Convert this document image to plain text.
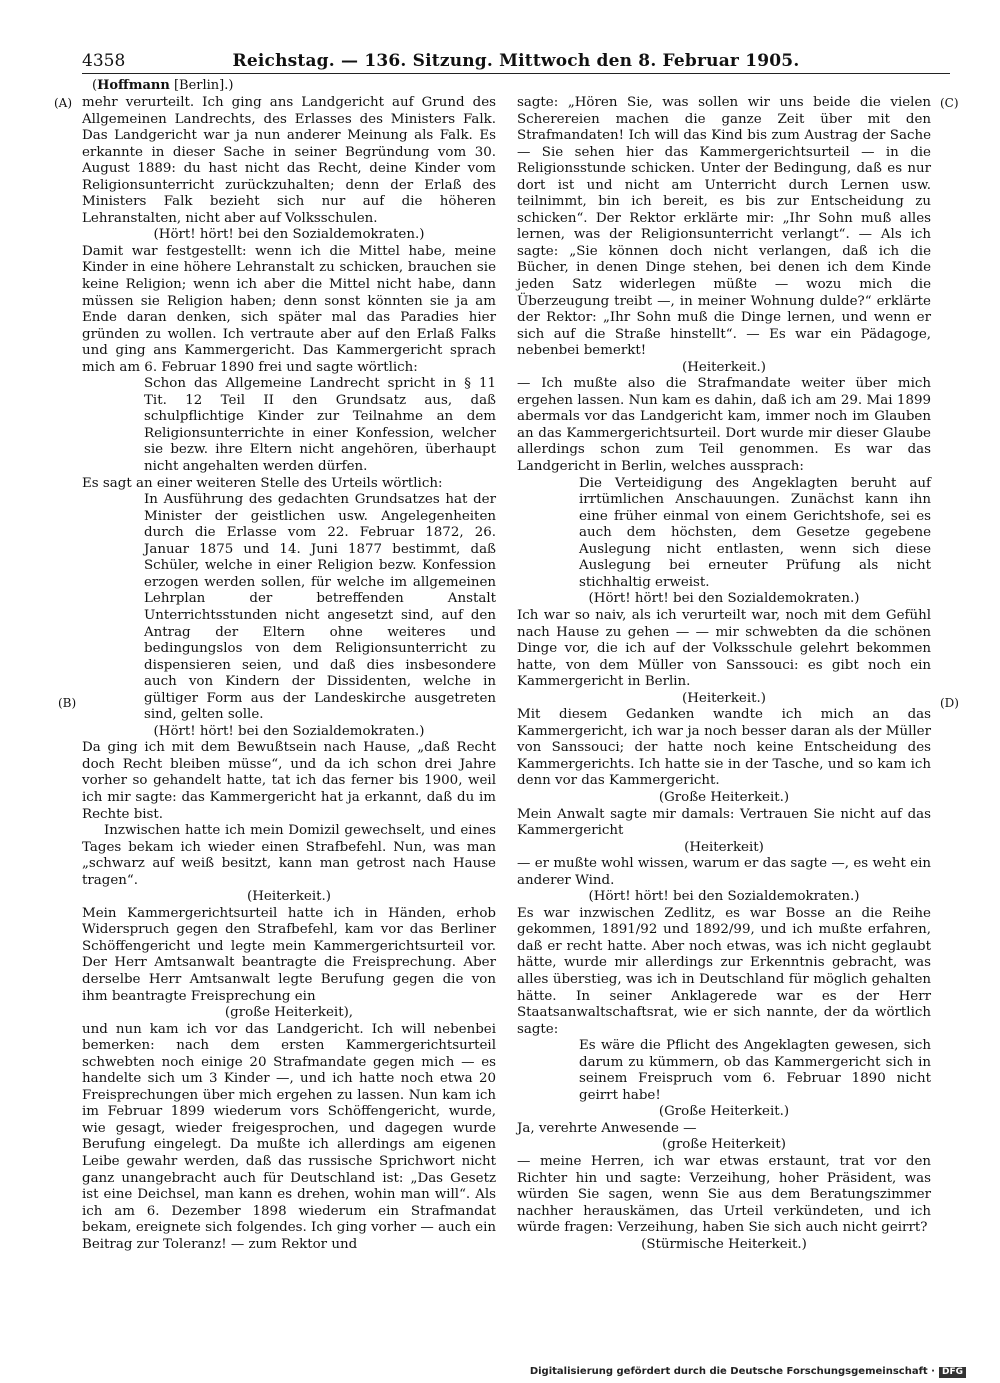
4358	Reichstag. — 136. Sitzung. Mittwoch den 8. Februar 1905.
(Hoffmann [Berlin].)
(A)
(B)
(C)
(D)

mehr verurteilt. Ich ging ans Landgericht auf Grund des Allgemeinen Landrechts, des Erlasses des Ministers Falk. Das Landgericht war ja nun anderer Meinung als Falk. Es erkannte in dieser Sache in seiner Begründung vom 30. August 1889: du hast nicht das Recht, deine Kinder vom Religionsunterricht zurückzuhalten; denn der Erlaß des Ministers Falk bezieht sich nur auf die höheren Lehranstalten, nicht aber auf Volksschulen.

(Hört! hört! bei den Sozialdemokraten.)

Damit war festgestellt: wenn ich die Mittel habe, meine Kinder in eine höhere Lehranstalt zu schicken, brauchen sie keine Religion; wenn ich aber die Mittel nicht habe, dann müssen sie Religion haben; denn sonst könnten sie ja am Ende daran denken, sich später mal das Paradies hier gründen zu wollen. Ich vertraute aber auf den Erlaß Falks und ging ans Kammergericht. Das Kammergericht sprach mich am 6. Februar 1890 frei und sagte wörtlich:

Schon das Allgemeine Landrecht spricht in § 11 Tit. 12 Teil II den Grundsatz aus, daß schulpflichtige Kinder zur Teilnahme an dem Religionsunterrichte in einer Konfession, welcher sie bezw. ihre Eltern nicht angehören, überhaupt nicht angehalten werden dürfen.

Es sagt an einer weiteren Stelle des Urteils wörtlich:

In Ausführung des gedachten Grundsatzes hat der Minister der geistlichen usw. Angelegenheiten durch die Erlasse vom 22. Februar 1872, 26. Januar 1875 und 14. Juni 1877 bestimmt, daß Schüler, welche in einer Religion bezw. Konfession erzogen werden sollen, für welche im allgemeinen Lehrplan der betreffenden Anstalt Unterrichtsstunden nicht angesetzt sind, auf den Antrag der Eltern ohne weiteres und bedingungslos von dem Religionsunterricht zu dispensieren seien, und daß dies insbesondere auch von Kindern der Dissidenten, welche in gültiger Form aus der Landeskirche ausgetreten sind, gelten solle.

(Hört! hört! bei den Sozialdemokraten.)

Da ging ich mit dem Bewußtsein nach Hause, „daß Recht doch Recht bleiben müsse“, und da ich schon drei Jahre vorher so gehandelt hatte, tat ich das ferner bis 1900, weil ich mir sagte: das Kammergericht hat ja erkannt, daß du im Rechte bist.

Inzwischen hatte ich mein Domizil gewechselt, und eines Tages bekam ich wieder einen Strafbefehl. Nun, was man „schwarz auf weiß besitzt, kann man getrost nach Hause tragen“.

(Heiterkeit.)

Mein Kammergerichtsurteil hatte ich in Händen, erhob Widerspruch gegen den Strafbefehl, kam vor das Berliner Schöffengericht und legte mein Kammergerichtsurteil vor. Der Herr Amtsanwalt beantragte die Freisprechung. Aber derselbe Herr Amtsanwalt legte Berufung gegen die von ihm beantragte Freisprechung ein

(große Heiterkeit),

und nun kam ich vor das Landgericht. Ich will nebenbei bemerken: nach dem ersten Kammergerichtsurteil schwebten noch einige 20 Strafmandate gegen mich — es handelte sich um 3 Kinder —, und ich hatte noch etwa 20 Freisprechungen über mich ergehen zu lassen. Nun kam ich im Februar 1899 wiederum vors Schöffengericht, wurde, wie gesagt, wieder freigesprochen, und dagegen wurde Berufung eingelegt. Da mußte ich allerdings am eigenen Leibe gewahr werden, daß das russische Sprichwort nicht ganz unangebracht auch für Deutschland ist: „Das Gesetz ist eine Deichsel, man kann es drehen, wohin man will“. Als ich am 6. Dezember 1898 wiederum ein Strafmandat bekam, ereignete sich folgendes. Ich ging vorher — auch ein Beitrag zur Toleranz! — zum Rektor und

sagte: „Hören Sie, was sollen wir uns beide die vielen Scherereien machen die ganze Zeit über mit den Strafmandaten! Ich will das Kind bis zum Austrag der Sache — Sie sehen hier das Kammergerichtsurteil — in die Religionsstunde schicken. Unter der Bedingung, daß es nur dort ist und nicht am Unterricht durch Lernen usw. teilnimmt, bin ich bereit, es bis zur Entscheidung zu schicken“. Der Rektor erklärte mir: „Ihr Sohn muß alles lernen, was der Religionsunterricht verlangt“. — Als ich sagte: „Sie können doch nicht verlangen, daß ich die Bücher, in denen Dinge stehen, bei denen ich dem Kinde jeden Satz widerlegen müßte — wozu mich die Überzeugung treibt —, in meiner Wohnung dulde?“ erklärte der Rektor: „Ihr Sohn muß die Dinge lernen, und wenn er sich auf die Straße hinstellt“. — Es war ein Pädagoge, nebenbei bemerkt!

(Heiterkeit.)

— Ich mußte also die Strafmandate weiter über mich ergehen lassen. Nun kam es dahin, daß ich am 29. Mai 1899 abermals vor das Landgericht kam, immer noch im Glauben an das Kammergerichtsurteil. Dort wurde mir dieser Glaube allerdings schon zum Teil genommen. Es war das Landgericht in Berlin, welches aussprach:

Die Verteidigung des Angeklagten beruht auf irrtümlichen Anschauungen. Zunächst kann ihn eine früher einmal von einem Gerichtshofe, sei es auch dem höchsten, dem Gesetze gegebene Auslegung nicht entlasten, wenn sich diese Auslegung bei erneuter Prüfung als nicht stichhaltig erweist.

(Hört! hört! bei den Sozialdemokraten.)

Ich war so naiv, als ich verurteilt war, noch mit dem Gefühl nach Hause zu gehen — — mir schwebten da die schönen Dinge vor, die ich auf der Volksschule gelehrt bekommen hatte, von dem Müller von Sanssouci: es gibt noch ein Kammergericht in Berlin.

(Heiterkeit.)

Mit diesem Gedanken wandte ich mich an das Kammergericht, ich war ja noch besser daran als der Müller von Sanssouci; der hatte noch keine Entscheidung des Kammergerichts. Ich hatte sie in der Tasche, und so kam ich denn vor das Kammergericht.

(Große Heiterkeit.)

Mein Anwalt sagte mir damals: Vertrauen Sie nicht auf das Kammergericht

(Heiterkeit)

— er mußte wohl wissen, warum er das sagte —, es weht ein anderer Wind.

(Hört! hört! bei den Sozialdemokraten.)

Es war inzwischen Zedlitz, es war Bosse an die Reihe gekommen, 1891/92 und 1892/99, und ich mußte erfahren, daß er recht hatte. Aber noch etwas, was ich nicht geglaubt hätte, wurde mir allerdings zur Erkenntnis gebracht, was alles überstieg, was ich in Deutschland für möglich gehalten hätte. In seiner Anklagerede war es der Herr Staatsanwaltschaftsrat, wie er sich nannte, der da wörtlich sagte:

Es wäre die Pflicht des Angeklagten gewesen, sich darum zu kümmern, ob das Kammergericht sich in seinem Freispruch vom 6. Februar 1890 nicht geirrt habe!

(Große Heiterkeit.)

Ja, verehrte Anwesende —

(große Heiterkeit)

— meine Herren, ich war etwas erstaunt, trat vor den Richter hin und sagte: Verzeihung, hoher Präsident, was würden Sie sagen, wenn Sie aus dem Beratungszimmer nachher herauskämen, das Urteil verkündeten, und ich würde fragen: Verzeihung, haben Sie sich auch nicht geirrt?

(Stürmische Heiterkeit.)

Digitalisierung gefördert durch die Deutsche Forschungsgemeinschaft · DFG
